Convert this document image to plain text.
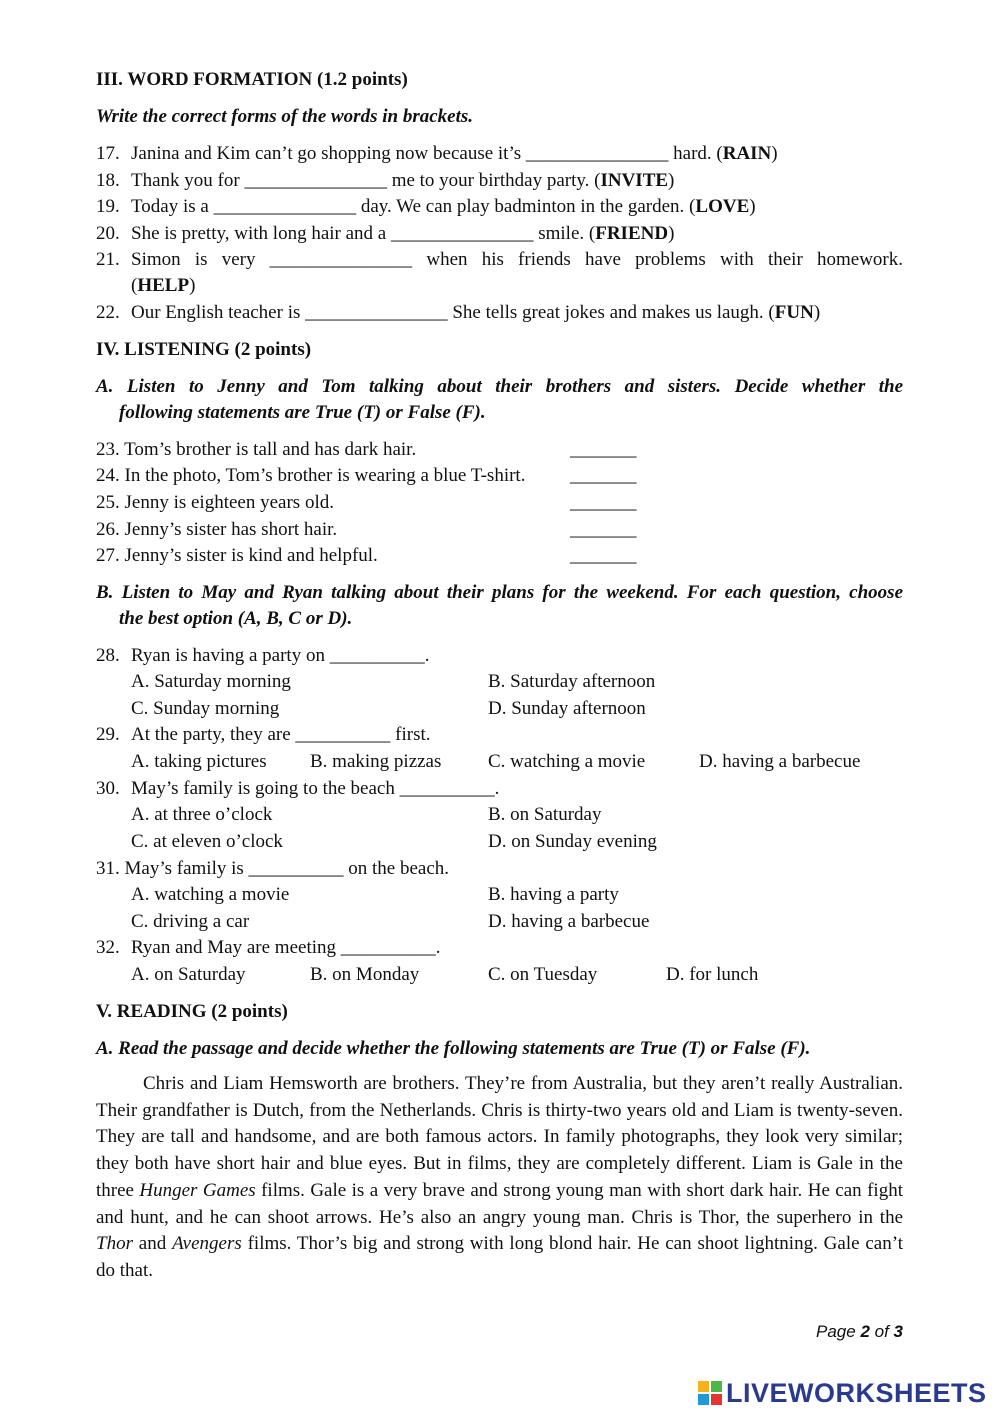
III. WORD FORMATION (1.2 points)
Write the correct forms of the words in brackets.
17. Janina and Kim can’t go shopping now because it’s _______________ hard. (RAIN)
18. Thank you for _______________ me to your birthday party. (INVITE)
19. Today is a _______________ day. We can play badminton in the garden. (LOVE)
20. She is pretty, with long hair and a _______________ smile. (FRIEND)
21. Simon is very _______________ when his friends have problems with their homework.
(HELP)
22. Our English teacher is _______________ She tells great jokes and makes us laugh. (FUN)
IV. LISTENING (2 points)
A. Listen to Jenny and Tom talking about their brothers and sisters. Decide whether the
following statements are True (T) or False (F).
23. Tom’s brother is tall and has dark hair.	_______
24. In the photo, Tom’s brother is wearing a blue T-shirt. _______
25. Jenny is eighteen years old.	_______
26. Jenny’s sister has short hair.	_______
27. Jenny’s sister is kind and helpful.	_______
B. Listen to May and Ryan talking about their plans for the weekend. For each question, choose
the best option (A, B, C or D).
28. Ryan is having a party on __________.
A. Saturday morning	B. Saturday afternoon
C. Sunday morning	D. Sunday afternoon
29. At the party, they are __________ first.
A. taking pictures B. making pizzas C. watching a movie	D. having a barbecue
30. May’s family is going to the beach __________.
A. at three o’clock	B. on Saturday
C. at eleven o’clock	D. on Sunday evening
31. May’s family is __________ on the beach.
A. watching a movie	B. having a party
C. driving a car	D. having a barbecue
32. Ryan and May are meeting __________.
A. on Saturday	B. on Monday	C. on Tuesday	D. for lunch
V. READING (2 points)
A. Read the passage and decide whether the following statements are True (T) or False (F).
Chris and Liam Hemsworth are brothers. They’re from Australia, but they aren’t really Australian. Their grandfather is Dutch, from the Netherlands. Chris is thirty-two years old and Liam is twenty-seven. They are tall and handsome, and are both famous actors. In family photographs, they look very similar; they both have short hair and blue eyes. But in films, they are completely different. Liam is Gale in the three Hunger Games films. Gale is a very brave and strong young man with short dark hair. He can fight and hunt, and he can shoot arrows. He’s also an angry young man. Chris is Thor, the superhero in the Thor and Avengers films. Thor’s big and strong with long blond hair. He can shoot lightning. Gale can’t do that.
Page 2 of 3
LIVEWORKSHEETS
